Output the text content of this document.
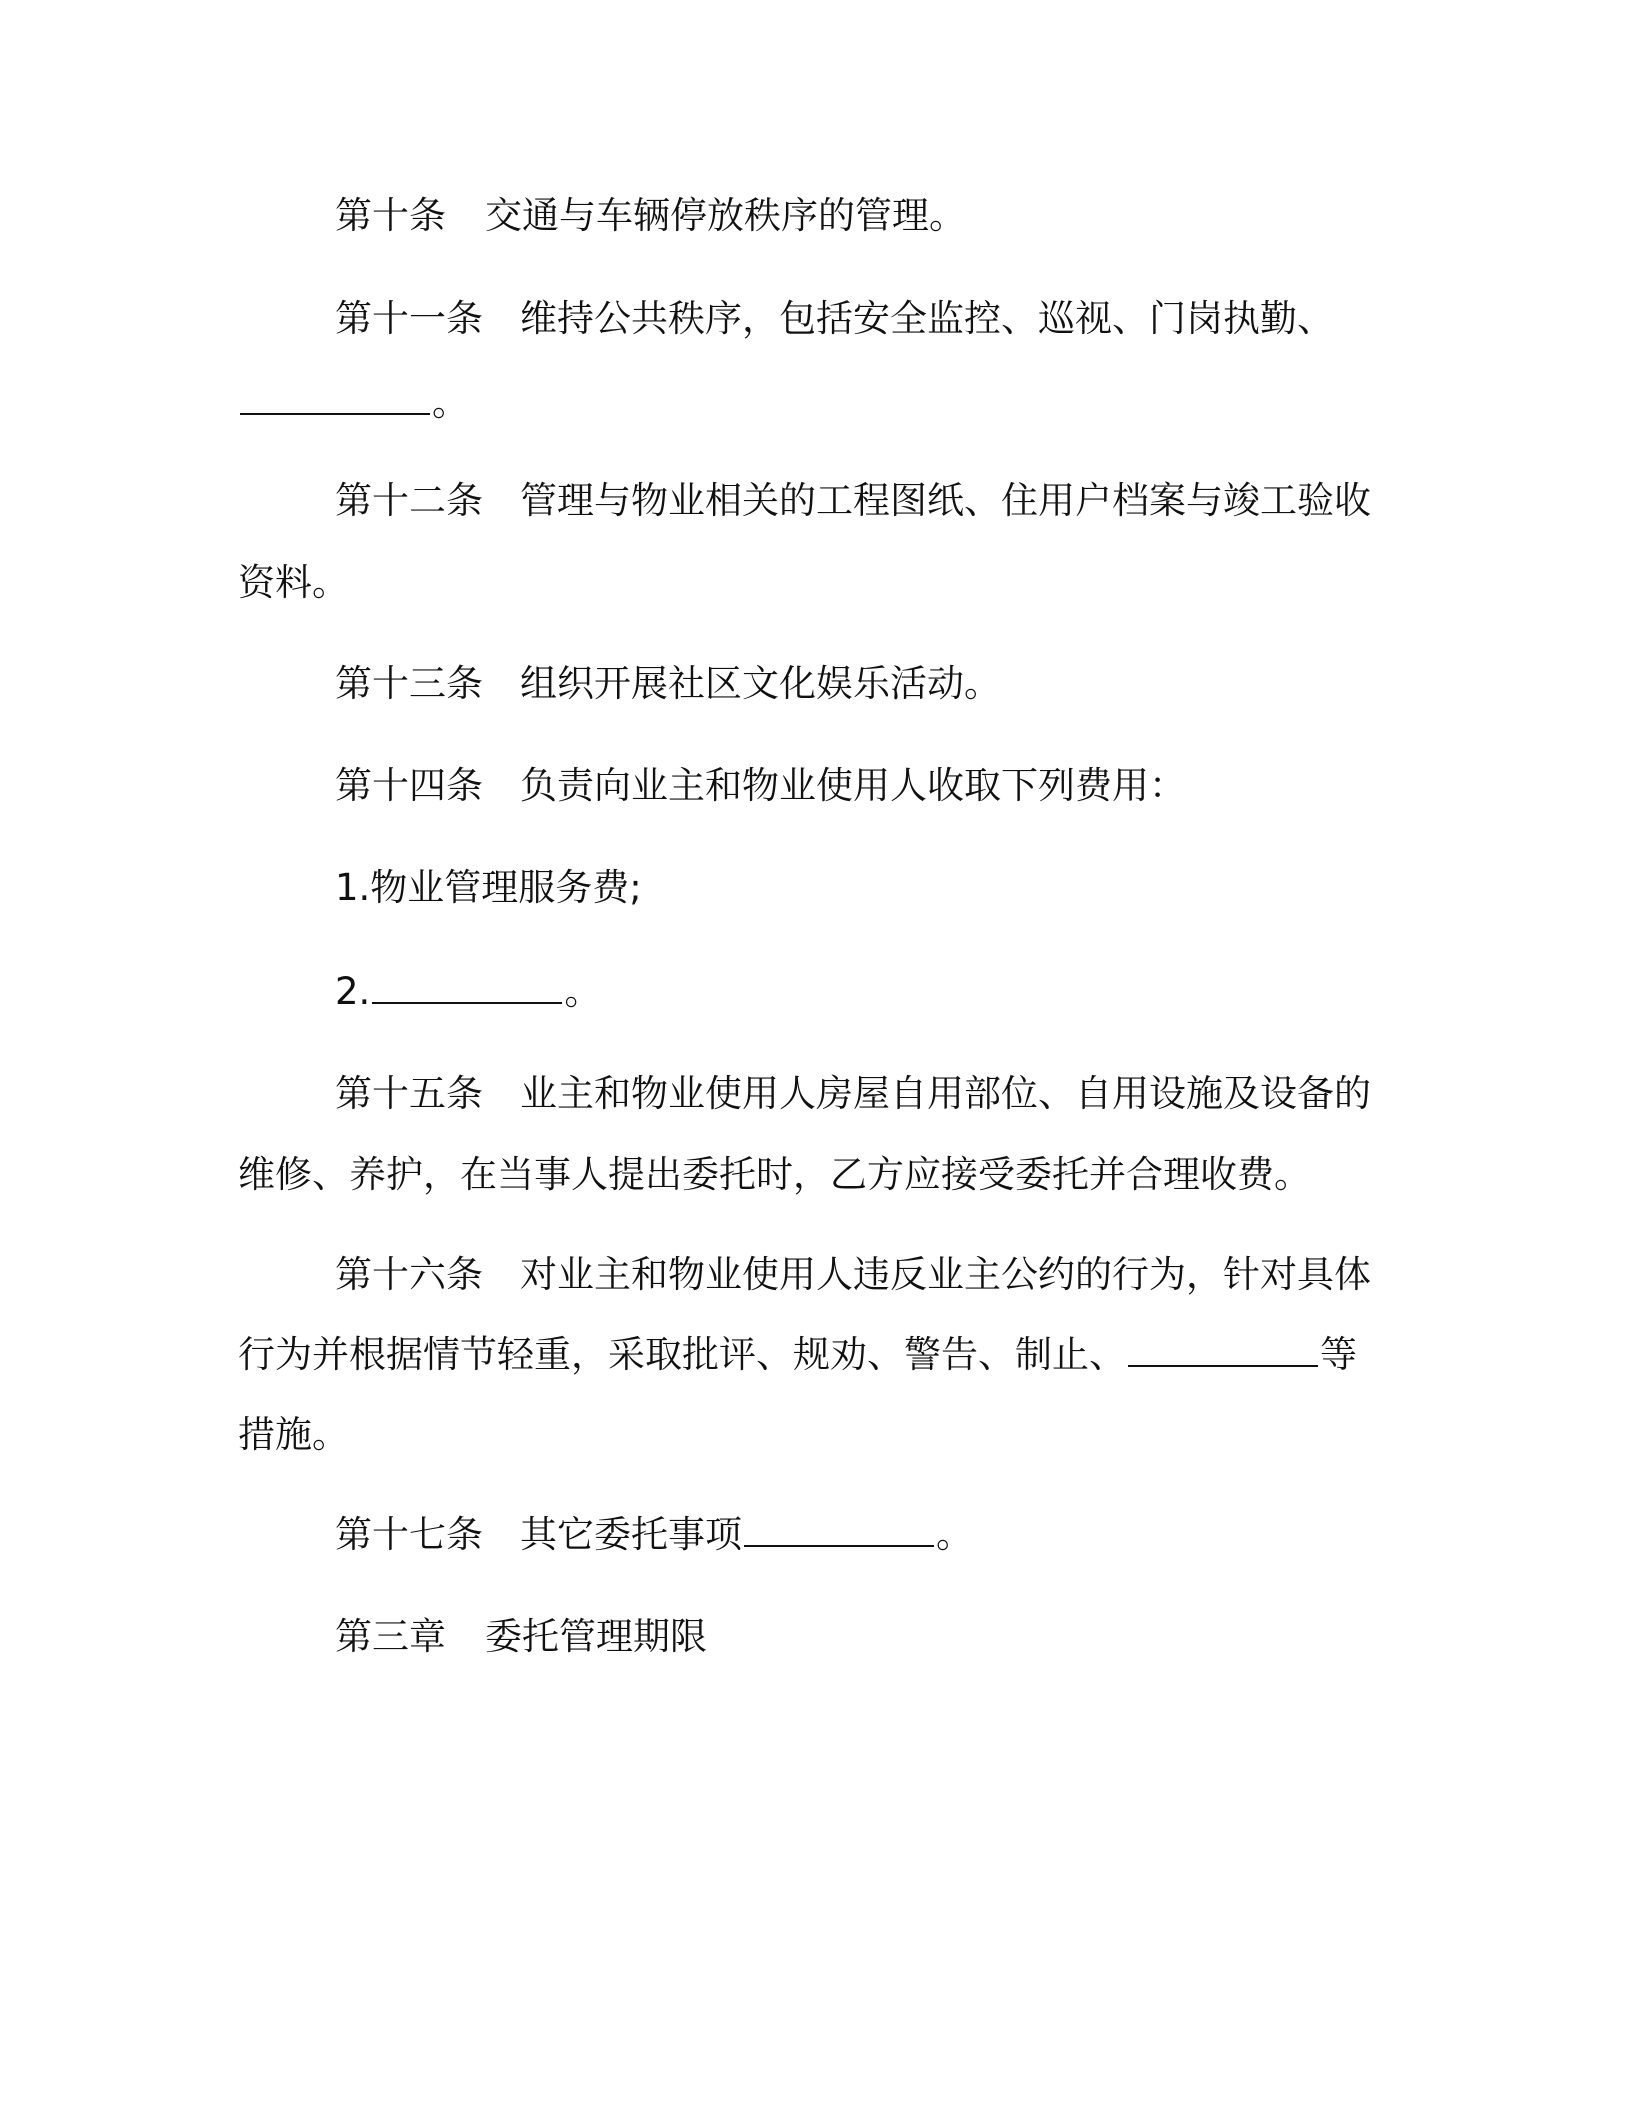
第十条 交通与车辆停放秩序的管理。
第十一条 维持公共秩序，包括安全监控、巡视、门岗执勤、
。
第十二条 管理与物业相关的工程图纸、住用户档案与竣工验收
资料。
第十三条 组织开展社区文化娱乐活动。
第十四条 负责向业主和物业使用人收取下列费用：
1.物业管理服务费;
2.	。
第十五条 业主和物业使用人房屋自用部位、自用设施及设备的
维修、养护，在当事人提出委托时，乙方应接受委托并合理收费。
第十六条 对业主和物业使用人违反业主公约的行为，针对具体
行为并根据情节轻重，采取批评、规劝、警告、制止、	等
措施。
第十七条 其它委托事项	。
第三章 委托管理期限
